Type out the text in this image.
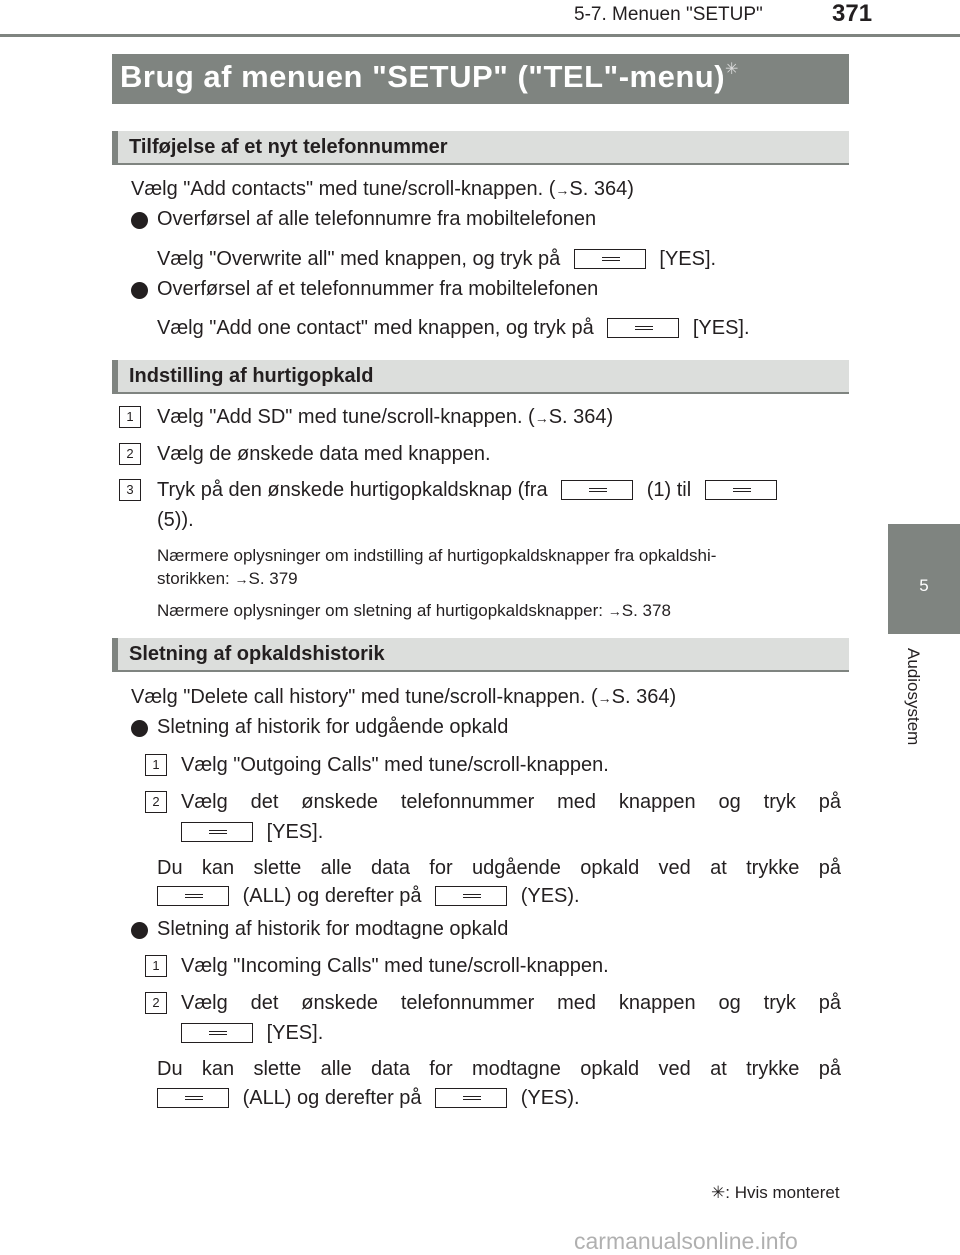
5-7. Menuen "SETUP"	371
5
Audiosystem
Brug af menuen "SETUP" ("TEL"-menu)✳
Tilføjelse af et nyt telefonnummer
Vælg "Add contacts" med tune/scroll-knappen. (→S. 364)
Overførsel af alle telefonnumre fra mobiltelefonen
Vælg "Overwrite all" med knappen, og tryk på	[YES].
Overførsel af et telefonnummer fra mobiltelefonen
Vælg "Add one contact" med knappen, og tryk på	[YES].
Indstilling af hurtigopkald
1	Vælg "Add SD" med tune/scroll-knappen. (→S. 364)
2	Vælg de ønskede data med knappen.
3	Tryk på den ønskede hurtigopkaldsknap (fra	(1) til
(5)).
Nærmere oplysninger om indstilling af hurtigopkaldsknapper fra opkaldshi-
storikken: →S. 379
Nærmere oplysninger om sletning af hurtigopkaldsknapper: →S. 378
Sletning af opkaldshistorik
Vælg "Delete call history" med tune/scroll-knappen. (→S. 364)
Sletning af historik for udgående opkald
1	Vælg "Outgoing Calls" med tune/scroll-knappen.
2	Vælg det ønskede telefonnummer med knappen og tryk på
[YES].
Du kan slette alle data for udgående opkald ved at trykke på
(ALL) og derefter på	(YES).
Sletning af historik for modtagne opkald
1	Vælg "Incoming Calls" med tune/scroll-knappen.
2	Vælg det ønskede telefonnummer med knappen og tryk på
[YES].
Du kan slette alle data for modtagne opkald ved at trykke på
(ALL) og derefter på	(YES).
✳: Hvis monteret
carmanualsonline.info
